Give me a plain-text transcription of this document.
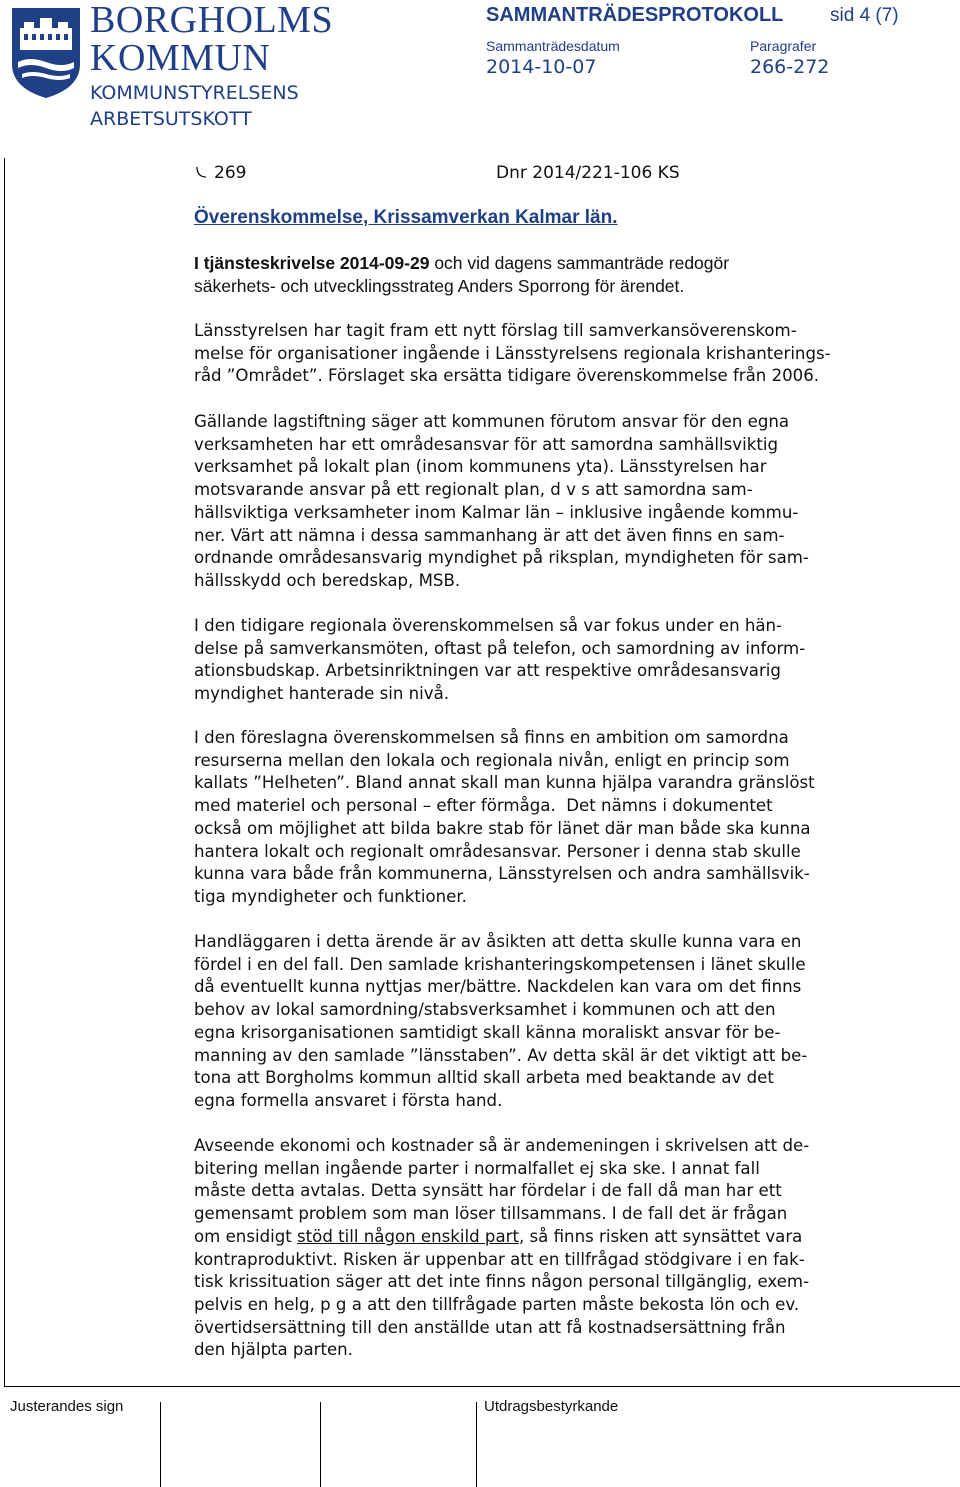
BORGHOLMS
KOMMUN
KOMMUNSTYRELSENS
ARBETSUTSKOTT
SAMMANTRÄDESPROTOKOLL sid 4 (7)
Sammanträdesdatum	Paragrafer
2014-10-07	266-272
269	Dnr 2014/221-106 KS
Överenskommelse, Krissamverkan Kalmar län.
I tjänsteskrivelse 2014-09-29 och vid dagens sammanträde redogör
säkerhets- och utvecklingsstrateg Anders Sporrong för ärendet.
Länsstyrelsen har tagit fram ett nytt förslag till samverkansöverenskom-
melse för organisationer ingående i Länsstyrelsens regionala krishanterings-
råd ”Området”. Förslaget ska ersätta tidigare överenskommelse från 2006.
Gällande lagstiftning säger att kommunen förutom ansvar för den egna
verksamheten har ett områdesansvar för att samordna samhällsviktig
verksamhet på lokalt plan (inom kommunens yta). Länsstyrelsen har
motsvarande ansvar på ett regionalt plan, d v s att samordna sam-
hällsviktiga verksamheter inom Kalmar län – inklusive ingående kommu-
ner. Värt att nämna i dessa sammanhang är att det även finns en sam-
ordnande områdesansvarig myndighet på riksplan, myndigheten för sam-
hällsskydd och beredskap, MSB.
I den tidigare regionala överenskommelsen så var fokus under en hän-
delse på samverkansmöten, oftast på telefon, och samordning av inform-
ationsbudskap. Arbetsinriktningen var att respektive områdesansvarig
myndighet hanterade sin nivå.
I den föreslagna överenskommelsen så finns en ambition om samordna
resurserna mellan den lokala och regionala nivån, enligt en princip som
kallats ”Helheten”. Bland annat skall man kunna hjälpa varandra gränslöst
med materiel och personal – efter förmåga.  Det nämns i dokumentet
också om möjlighet att bilda bakre stab för länet där man både ska kunna
hantera lokalt och regionalt områdesansvar. Personer i denna stab skulle
kunna vara både från kommunerna, Länsstyrelsen och andra samhällsvik-
tiga myndigheter och funktioner.
Handläggaren i detta ärende är av åsikten att detta skulle kunna vara en
fördel i en del fall. Den samlade krishanteringskompetensen i länet skulle
då eventuellt kunna nyttjas mer/bättre. Nackdelen kan vara om det finns
behov av lokal samordning/stabsverksamhet i kommunen och att den
egna krisorganisationen samtidigt skall känna moraliskt ansvar för be-
manning av den samlade ”länsstaben”. Av detta skäl är det viktigt att be-
tona att Borgholms kommun alltid skall arbeta med beaktande av det
egna formella ansvaret i första hand.
Avseende ekonomi och kostnader så är andemeningen i skrivelsen att de-
bitering mellan ingående parter i normalfallet ej ska ske. I annat fall
måste detta avtalas. Detta synsätt har fördelar i de fall då man har ett
gemensamt problem som man löser tillsammans. I de fall det är frågan
om ensidigt stöd till någon enskild part, så finns risken att synsättet vara
kontraproduktivt. Risken är uppenbar att en tillfrågad stödgivare i en fak-
tisk krissituation säger att det inte finns någon personal tillgänglig, exem-
pelvis en helg, p g a att den tillfrågade parten måste bekosta lön och ev.
övertidsersättning till den anställde utan att få kostnadsersättning från
den hjälpta parten.
Justerandes sign	Utdragsbestyrkande
